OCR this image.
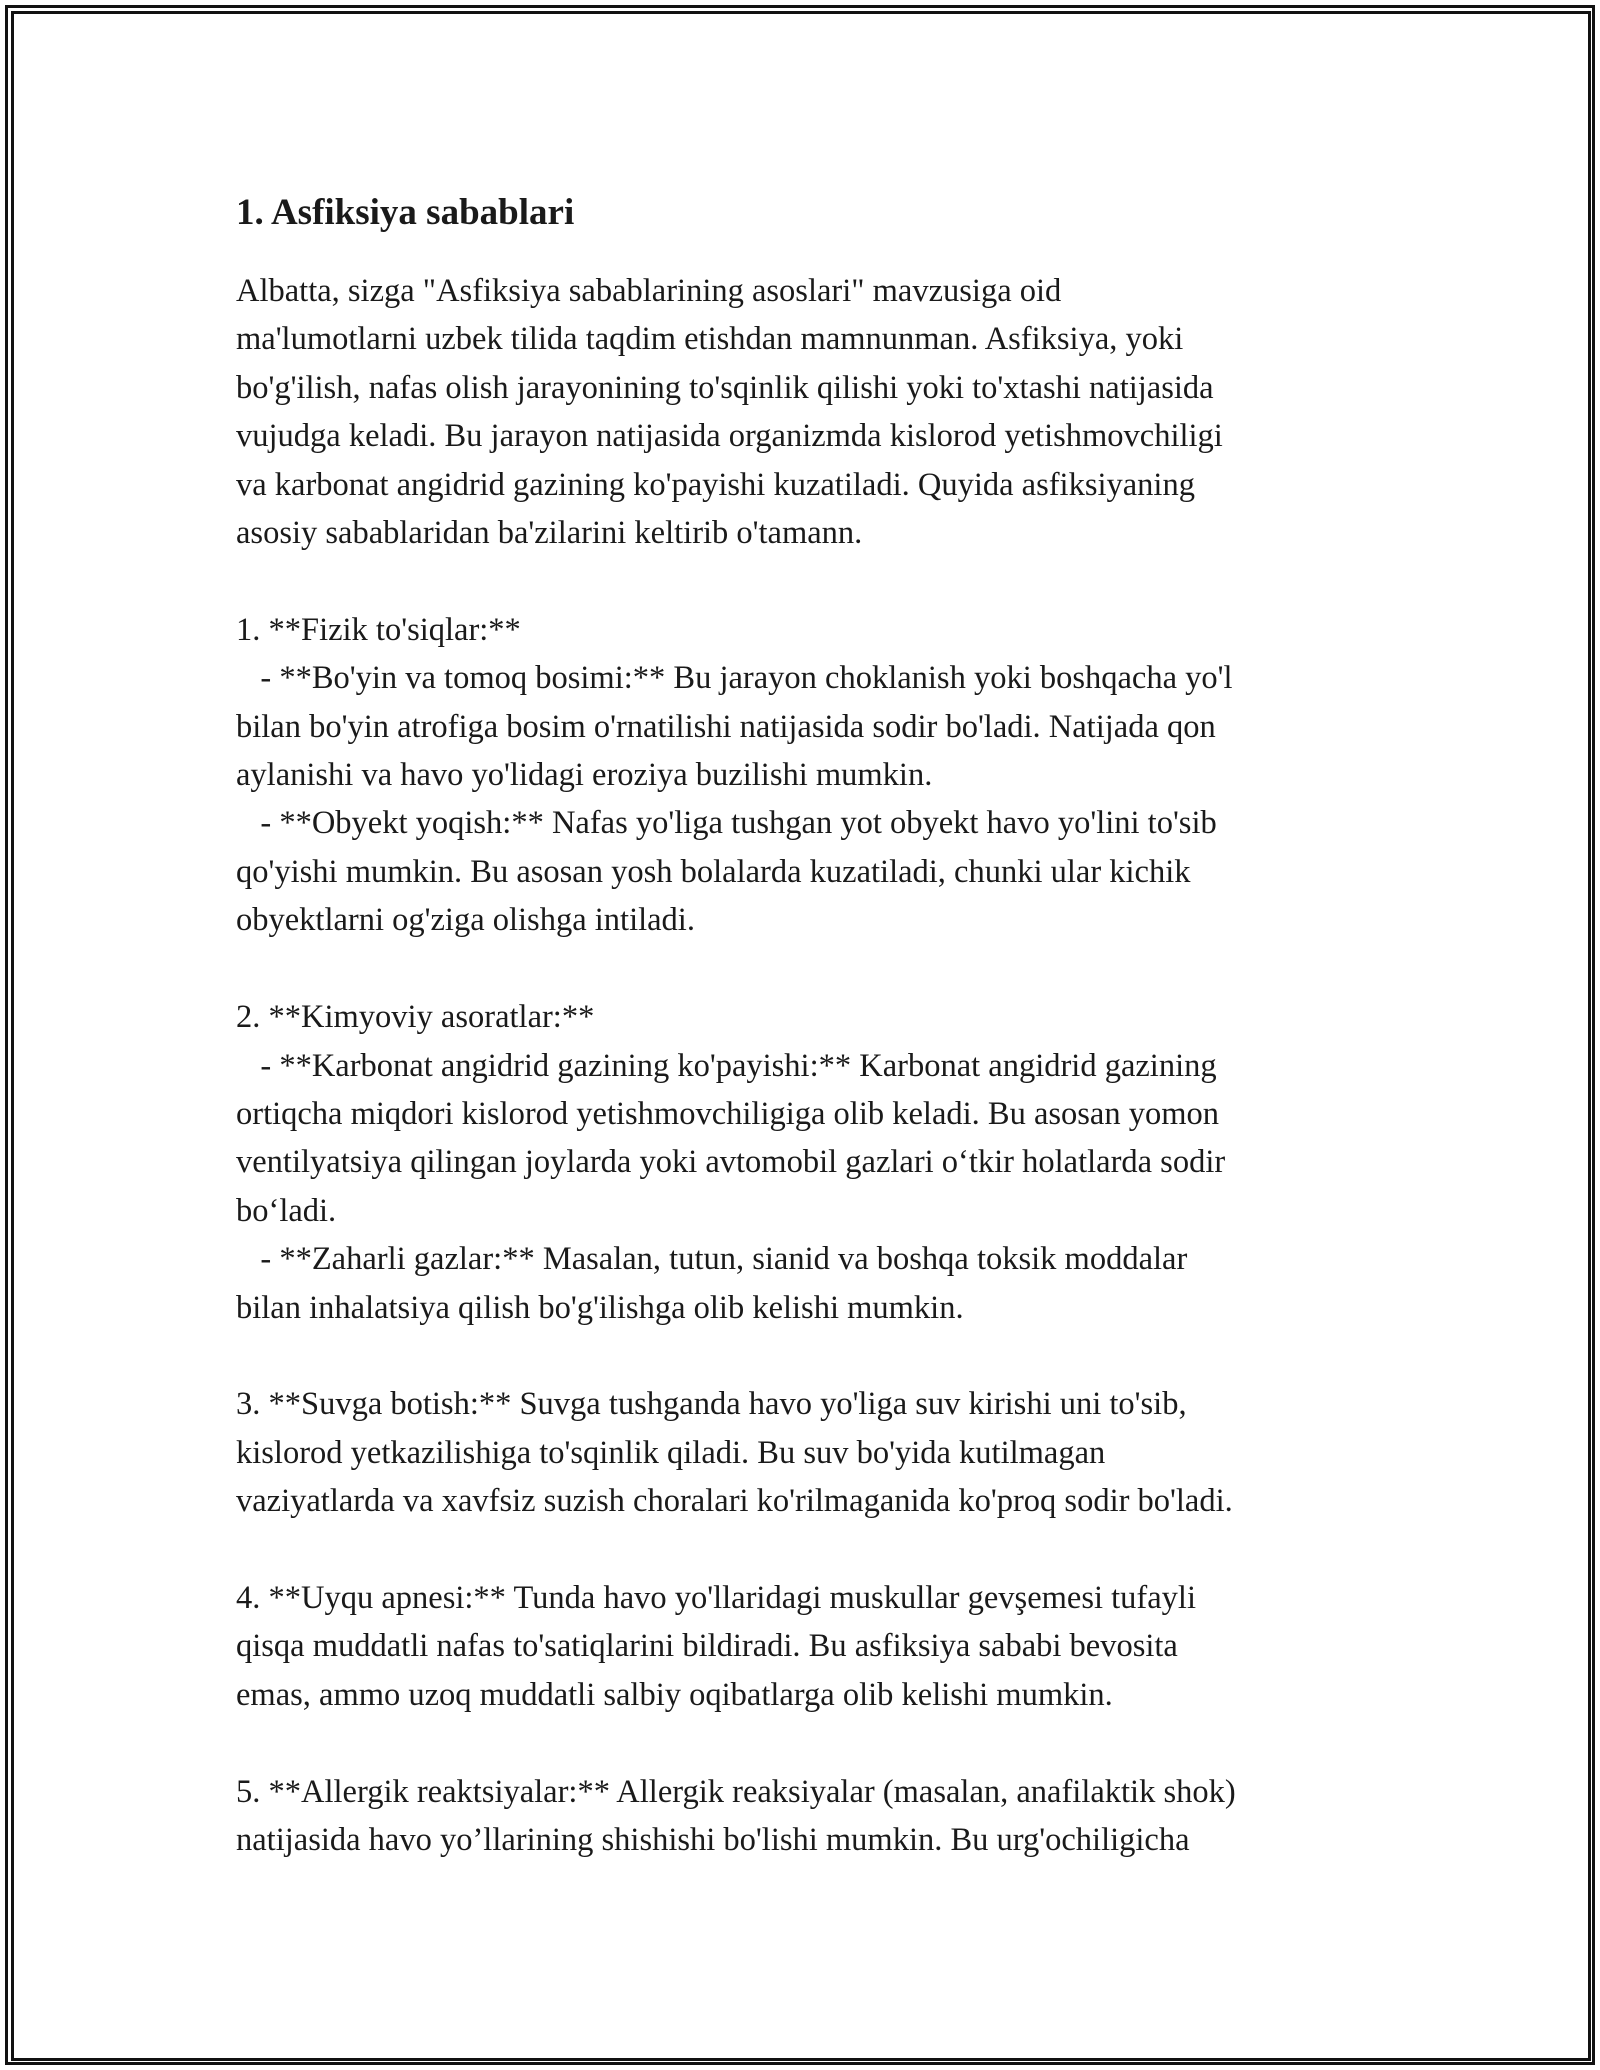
1. Asfiksiya sabablari

Albatta, sizga "Asfiksiya sabablarining asoslari" mavzusiga oid
ma'lumotlarni uzbek tilida taqdim etishdan mamnunman. Asfiksiya, yoki
bo'g'ilish, nafas olish jarayonining to'sqinlik qilishi yoki to'xtashi natijasida
vujudga keladi. Bu jarayon natijasida organizmda kislorod yetishmovchiligi
va karbonat angidrid gazining ko'payishi kuzatiladi. Quyida asfiksiyaning
asosiy sabablaridan ba'zilarini keltirib o'tamann.

1. **Fizik to'siqlar:**
- **Bo'yin va tomoq bosimi:** Bu jarayon choklanish yoki boshqacha yo'l
bilan bo'yin atrofiga bosim o'rnatilishi natijasida sodir bo'ladi. Natijada qon
aylanishi va havo yo'lidagi eroziya buzilishi mumkin.
- **Obyekt yoqish:** Nafas yo'liga tushgan yot obyekt havo yo'lini to'sib
qo'yishi mumkin. Bu asosan yosh bolalarda kuzatiladi, chunki ular kichik
obyektlarni og'ziga olishga intiladi.

2. **Kimyoviy asoratlar:**
- **Karbonat angidrid gazining ko'payishi:** Karbonat angidrid gazining
ortiqcha miqdori kislorod yetishmovchiligiga olib keladi. Bu asosan yomon
ventilyatsiya qilingan joylarda yoki avtomobil gazlari o‘tkir holatlarda sodir
bo‘ladi.
- **Zaharli gazlar:** Masalan, tutun, sianid va boshqa toksik moddalar
bilan inhalatsiya qilish bo'g'ilishga olib kelishi mumkin.

3. **Suvga botish:** Suvga tushganda havo yo'liga suv kirishi uni to'sib,
kislorod yetkazilishiga to'sqinlik qiladi. Bu suv bo'yida kutilmagan
vaziyatlarda va xavfsiz suzish choralari ko'rilmaganida ko'proq sodir bo'ladi.

4. **Uyqu apnesi:** Tunda havo yo'llaridagi muskullar gevşemesi tufayli
qisqa muddatli nafas to'satiqlarini bildiradi. Bu asfiksiya sababi bevosita
emas, ammo uzoq muddatli salbiy oqibatlarga olib kelishi mumkin.

5. **Allergik reaktsiyalar:** Allergik reaksiyalar (masalan, anafilaktik shok)
natijasida havo yo’llarining shishishi bo'lishi mumkin. Bu urg'ochiligicha
